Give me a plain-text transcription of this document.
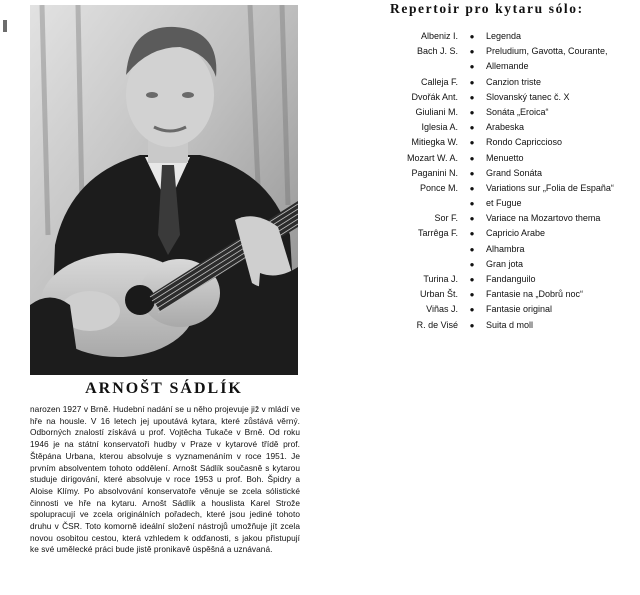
ARNOŠT SÁDLÍK
narozen 1927 v Brně. Hudební nadání se u něho projevuje již v mládí ve hře na housle. V 16 letech jej upoutává kytara, které zůstává věrný. Odborných znalostí získává u prof. Vojtěcha Tukače v Brně. Od roku 1946 je na státní konservatoři hudby v Praze v kytarové třídě prof. Štěpána Urbana, kterou absolvuje s vyznamenáním v roce 1951. Je prvním absolventem tohoto oddělení. Arnošt Sádlík současně s kytarou studuje dirigování, které absolvuje v roce 1953 u prof. Boh. Špidry a Aloise Klímy. Po absolvování konservatoře věnuje se zcela sólistické činnosti ve hře na kytaru. Arnošt Sádlík a houslista Karel Strože spolupracují ve zcela originálních pořadech, které jsou jediné tohoto druhu v ČSR. Toto komorně ideální složení nástrojů umožňuje jít zcela novou osobitou cestou, která vzhledem k odďanosti, s jakou přistupují ke své umělecké práci bude jistě pronikavě úspěšná a uznávaná.
Repertoir pro kytaru sólo:
Albeniz I.	●	Legenda
Bach J. S.	●	Preludium, Gavotta, Courante,
●	Allemande
Calleja F.	●	Canzion triste
Dvořák Ant.	●	Slovanský tanec č. X
Giuliani M.	●	Sonáta „Eroica“
Iglesia A.	●	Arabeska
Mitiegka W.	●	Rondo Capriccioso
Mozart W. A.	●	Menuetto
Paganini N.	●	Grand Sonáta
Ponce M.	●	Variations sur „Folia de España“
●	et Fugue
Sor F.	●	Variace na Mozartovo thema
Tarrêga F.	●	Capricio Arabe
●	Alhambra
●	Gran jota
Turina J.	●	Fandanguilo
Urban Št.	●	Fantasie na „Dobrů noc“
Viñas J.	●	Fantasie original
R. de Visé	●	Suita d moll
